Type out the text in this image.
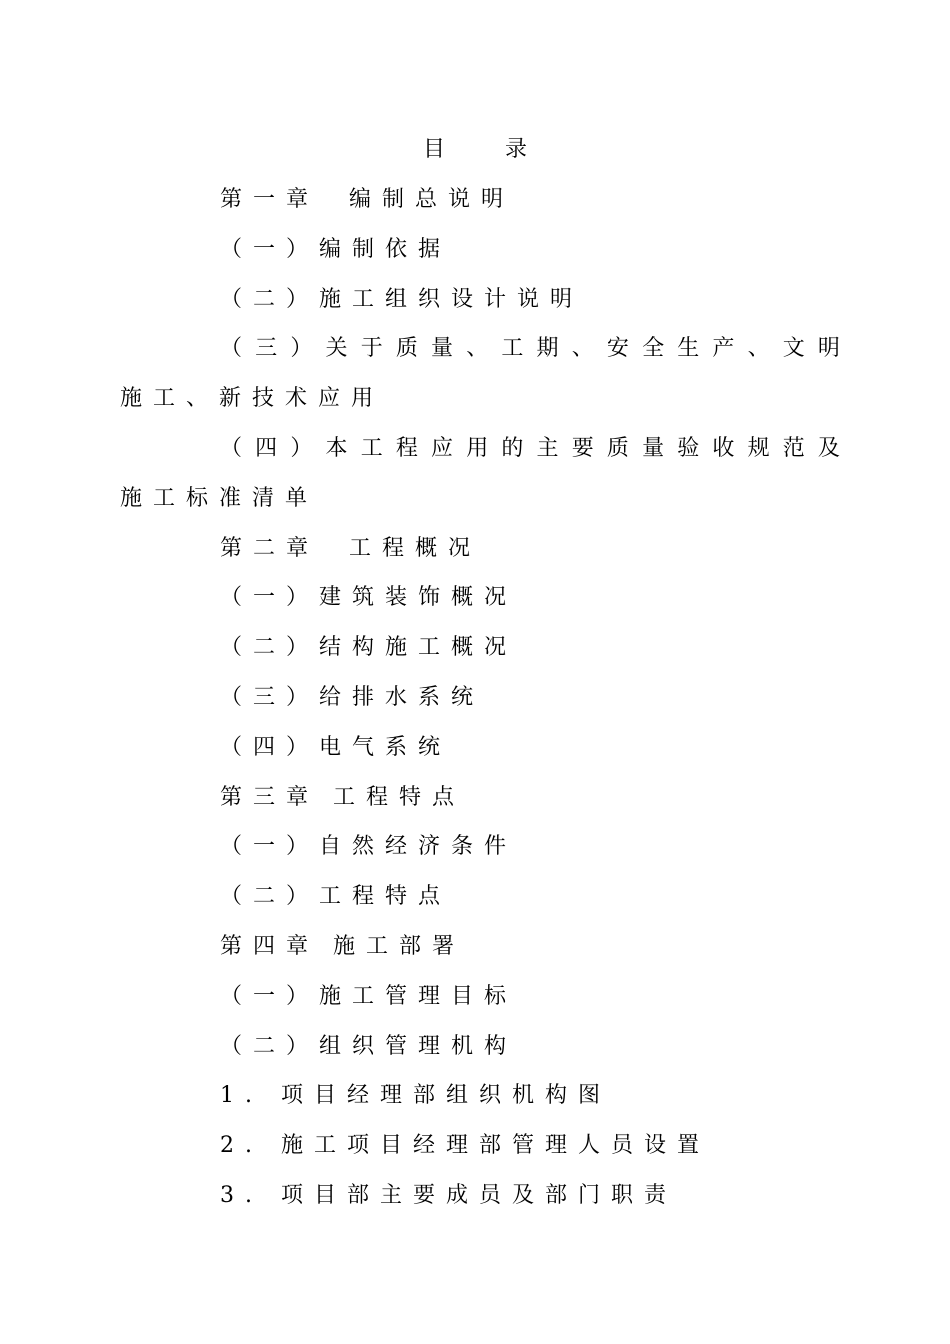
目	录
第一章 编制总说明
（一）编制依据
（二）施工组织设计说明
（ 三 ） 关 于 质 量 、 工 期 、 安 全 生 产 、 文 明
施工、新技术应用
（ 四 ） 本 工 程 应 用 的 主 要 质 量 验 收 规 范 及
施工标准清单
第二章 工程概况
（一）建筑装饰概况
（二）结构施工概况
（三）给排水系统
（四）电气系统
第三章 工程特点
（一）自然经济条件
（二）工程特点
第四章 施工部署
（一）施工管理目标
（二）组织管理机构
1. 项目经理部组织机构图
2. 施工项目经理部管理人员设置
3. 项目部主要成员及部门职责
